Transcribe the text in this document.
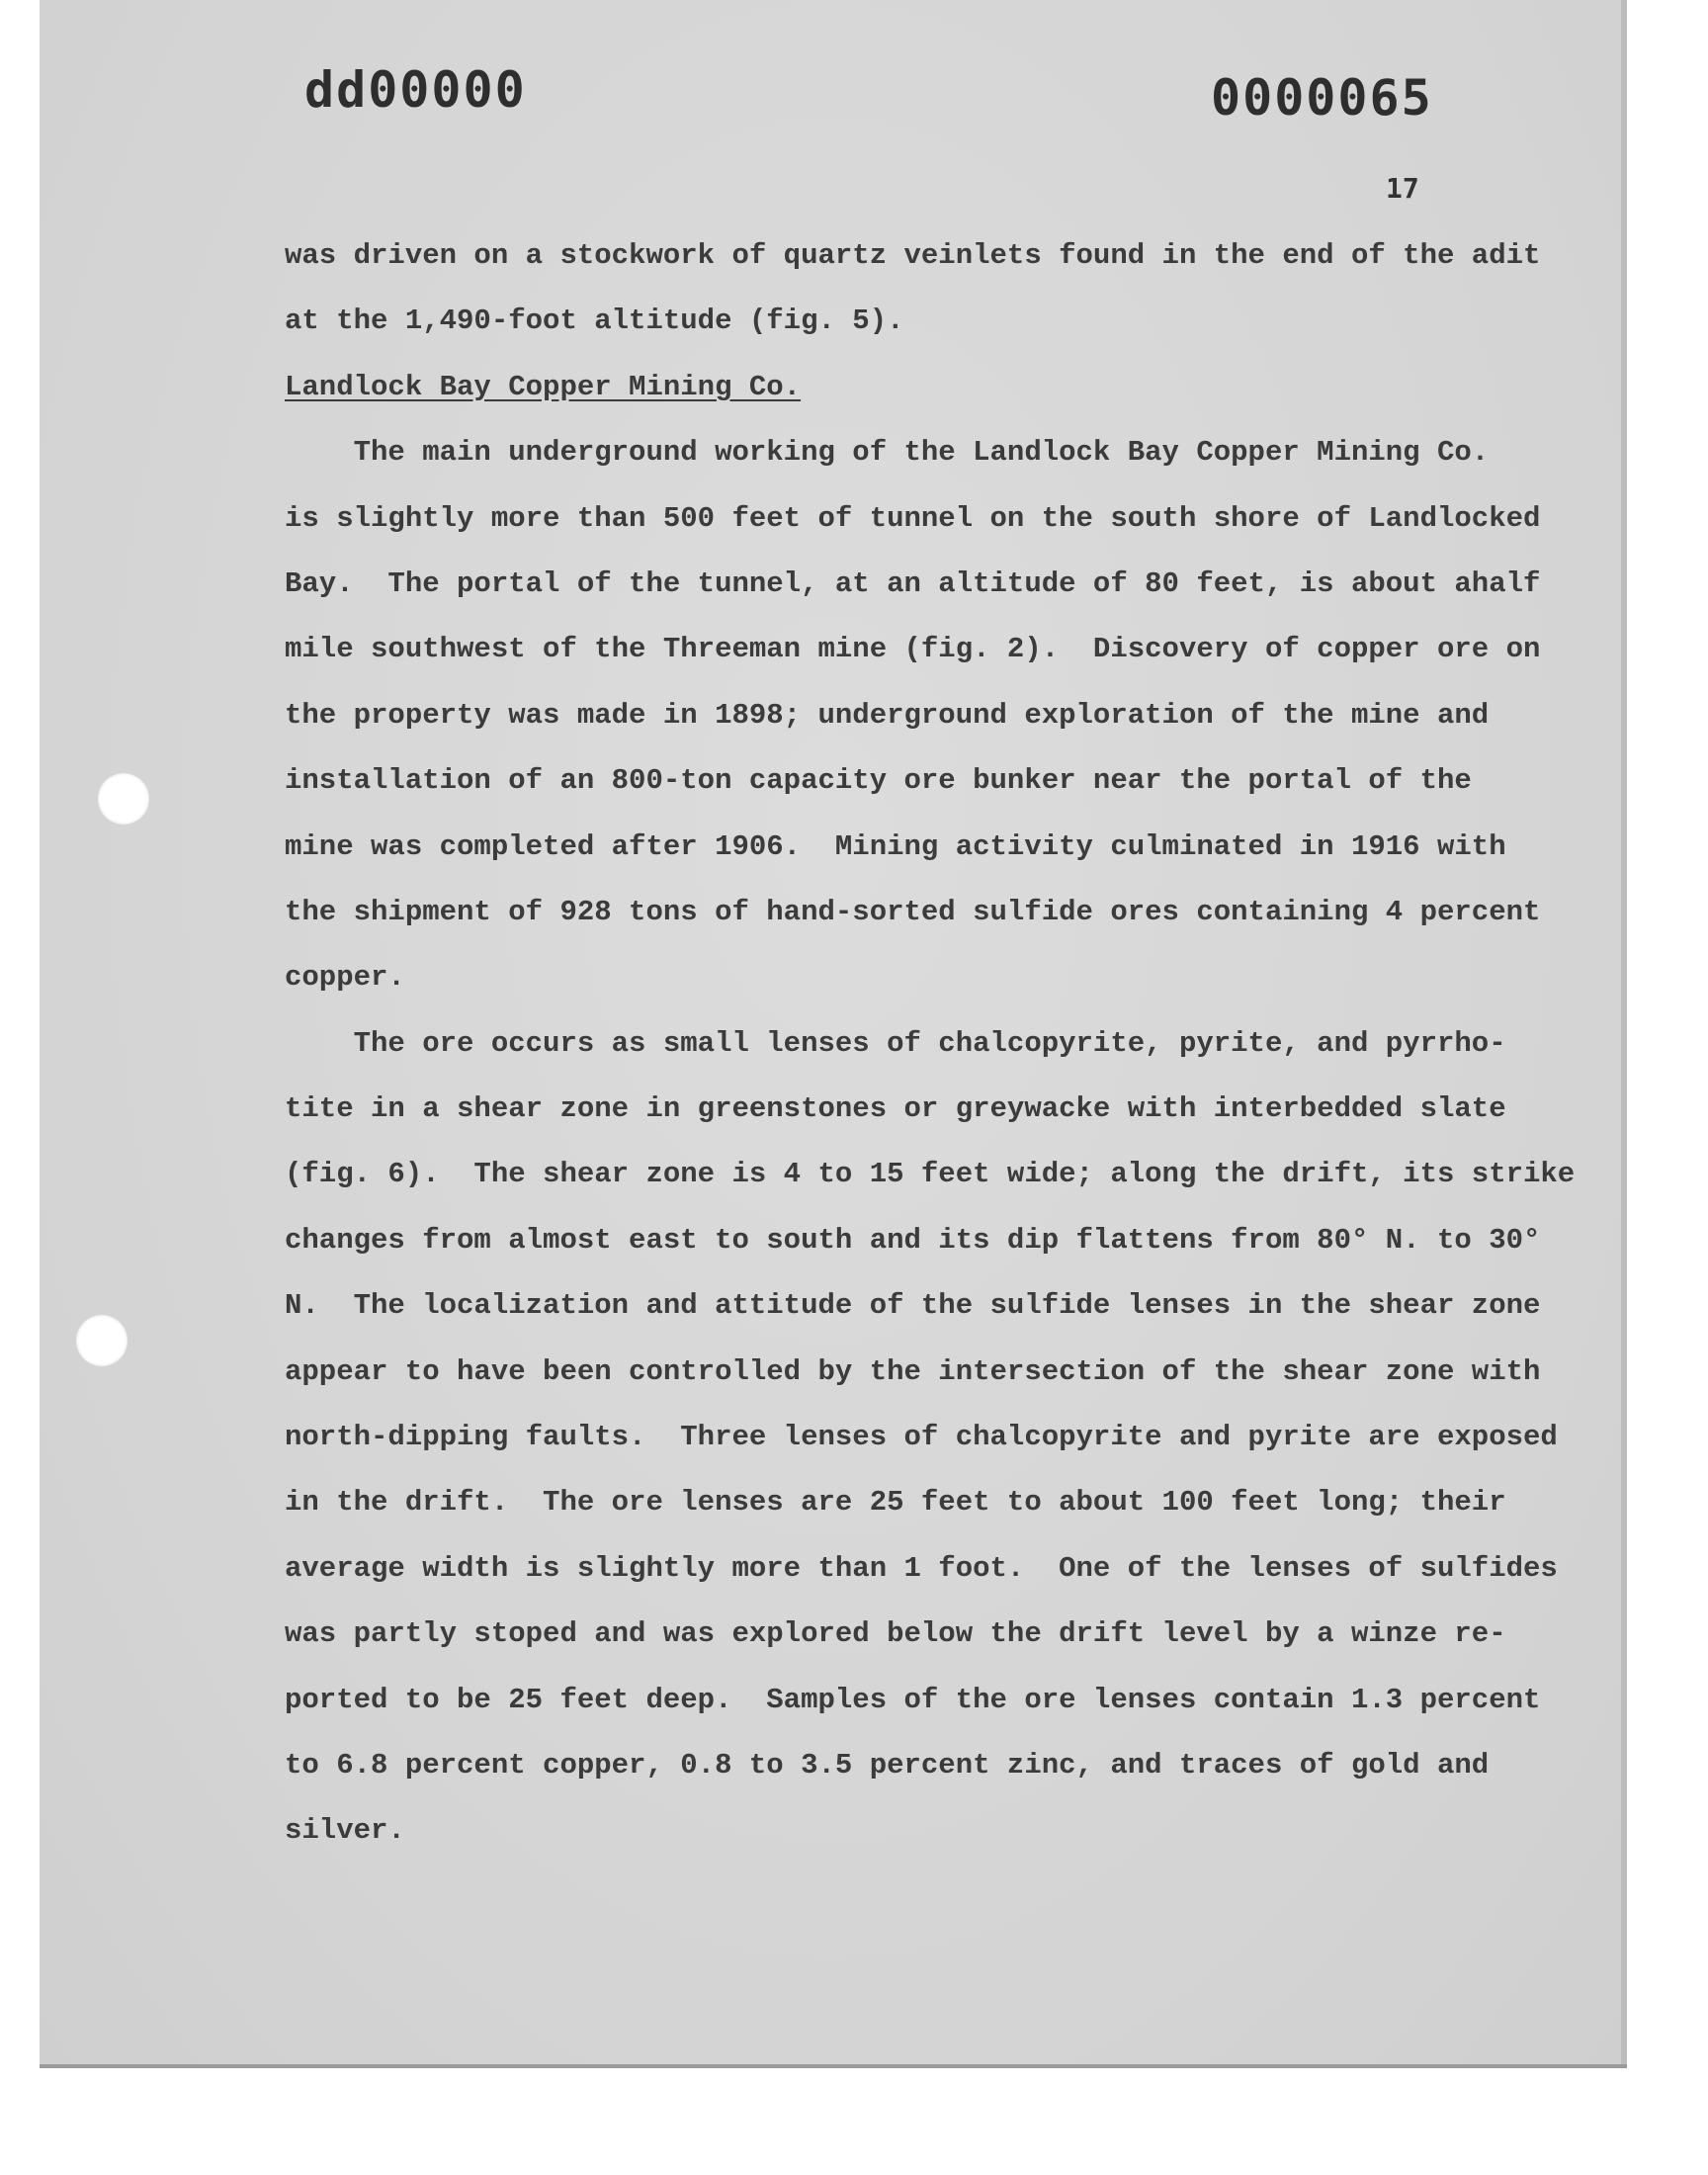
dd00000	0000065
17
was driven on a stockwork of quartz veinlets found in the end of the adit
at the 1,490-foot altitude (fig. 5).
Landlock Bay Copper Mining Co.
The main underground working of the Landlock Bay Copper Mining Co.
is slightly more than 500 feet of tunnel on the south shore of Landlocked
Bay.  The portal of the tunnel, at an altitude of 80 feet, is about ahalf
mile southwest of the Threeman mine (fig. 2).  Discovery of copper ore on
the property was made in 1898; underground exploration of the mine and
installation of an 800-ton capacity ore bunker near the portal of the
mine was completed after 1906.  Mining activity culminated in 1916 with
the shipment of 928 tons of hand-sorted sulfide ores containing 4 percent
copper.
The ore occurs as small lenses of chalcopyrite, pyrite, and pyrrho-
tite in a shear zone in greenstones or greywacke with interbedded slate
(fig. 6).  The shear zone is 4 to 15 feet wide; along the drift, its strike
changes from almost east to south and its dip flattens from 80° N. to 30°
N.  The localization and attitude of the sulfide lenses in the shear zone
appear to have been controlled by the intersection of the shear zone with
north-dipping faults.  Three lenses of chalcopyrite and pyrite are exposed
in the drift.  The ore lenses are 25 feet to about 100 feet long; their
average width is slightly more than 1 foot.  One of the lenses of sulfides
was partly stoped and was explored below the drift level by a winze re-
ported to be 25 feet deep.  Samples of the ore lenses contain 1.3 percent
to 6.8 percent copper, 0.8 to 3.5 percent zinc, and traces of gold and
silver.
